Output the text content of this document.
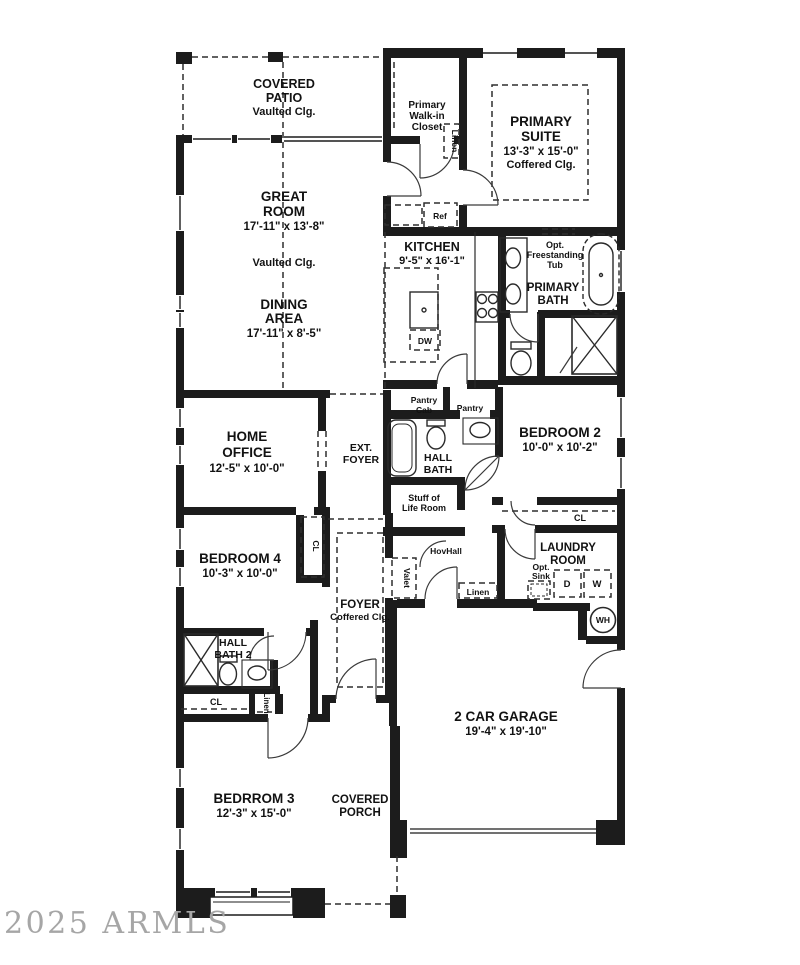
COVERED
PATIO
Vaulted Clg.
Primary
Walk-in
Closet
Linen
PRIMARY
SUITE
13'-3" x 15'-0"
Coffered Clg.
GREAT
ROOM
17'-11" x 13'-8"
Vaulted Clg.
DINING
AREA
17'-11" x 8'-5"
Ref
KITCHEN
9'-5" x 16'-1"
DW
Opt.
Freestanding
Tub
PRIMARY
BATH
Pantry
Cab	Pantry
BEDROOM 2
10'-0" x 10'-2"
HOME
OFFICE
12'-5" x 10'-0"
EXT.
FOYER	HALL
BATH
Stuff of
Life Room
CL
HovHall	LAUNDRY
ROOM
Opt.
Sink
D W
WH
BEDROOM 4
10'-3" x 10'-0"
CL
FOYER
Coffered Clg.
Valet
Linen
HALL
BATH 2
CL	Linen
BEDRROM 3
12'-3" x 15'-0"
COVERED
PORCH
2 CAR GARAGE
19'-4" x 19'-10"
2025 ARMLS
